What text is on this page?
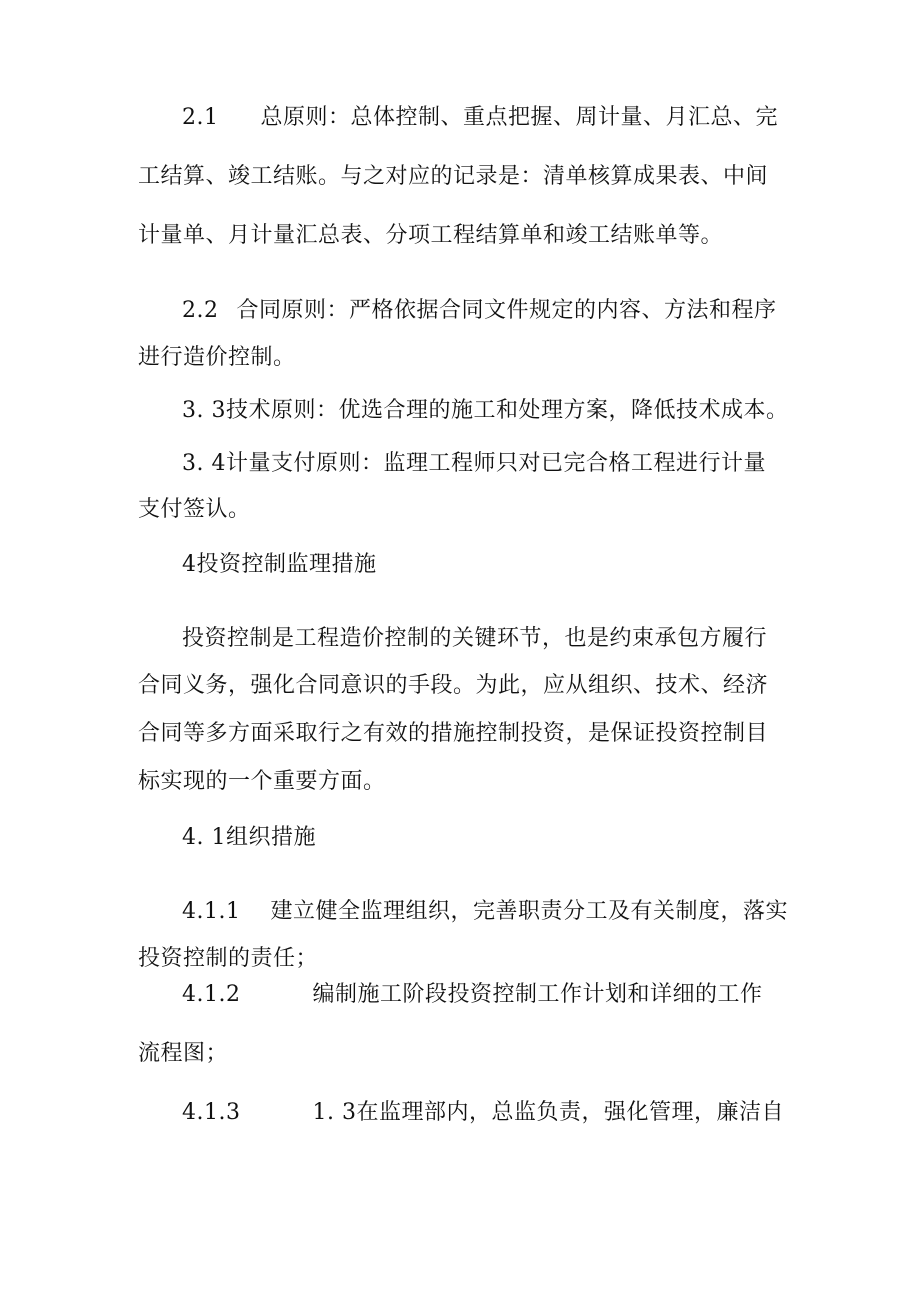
2.1 总原则：总体控制、重点把握、周计量、月汇总、完
工结算、竣工结账。与之对应的记录是：清单核算成果表、中间
计量单、月计量汇总表、分项工程结算单和竣工结账单等。
2.2 合同原则：严格依据合同文件规定的内容、方法和程序
进行造价控制。
3. 3技术原则：优选合理的施工和处理方案，降低技术成本。
3. 4计量支付原则：监理工程师只对已完合格工程进行计量
支付签认。
4投资控制监理措施
投资控制是工程造价控制的关键环节，也是约束承包方履行
合同义务，强化合同意识的手段。为此，应从组织、技术、经济
合同等多方面采取行之有效的措施控制投资，是保证投资控制目
标实现的一个重要方面。
4. 1组织措施
4.1.1 建立健全监理组织，完善职责分工及有关制度，落实
投资控制的责任；
4.1.2	编制施工阶段投资控制工作计划和详细的工作
流程图；
4.1.3	1. 3在监理部内，总监负责，强化管理，廉洁自
